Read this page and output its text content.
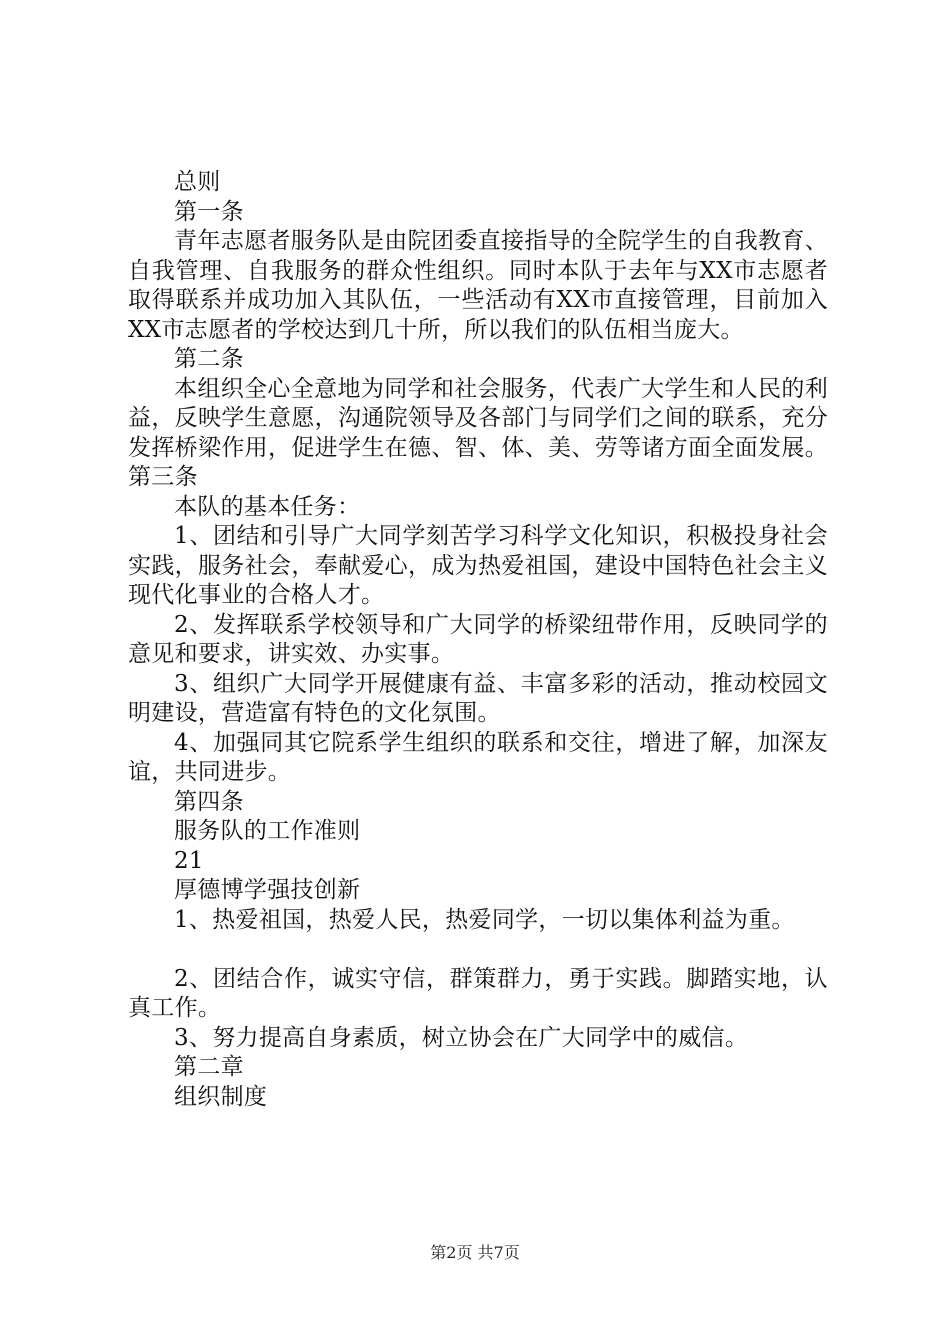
总则

第一条

青年志愿者服务队是由院团委直接指导的全院学生的自我教育、自我管理、自我服务的群众性组织。同时本队于去年与XX市志愿者取得联系并成功加入其队伍，一些活动有XX市直接管理，目前加入XX市志愿者的学校达到几十所，所以我们的队伍相当庞大。

第二条

本组织全心全意地为同学和社会服务，代表广大学生和人民的利益，反映学生意愿，沟通院领导及各部门与同学们之间的联系，充分发挥桥梁作用，促进学生在德、智、体、美、劳等诸方面全面发展。第三条

本队的基本任务：

1、团结和引导广大同学刻苦学习科学文化知识，积极投身社会实践，服务社会，奉献爱心，成为热爱祖国，建设中国特色社会主义现代化事业的合格人才。

2、发挥联系学校领导和广大同学的桥梁纽带作用，反映同学的意见和要求，讲实效、办实事。

3、组织广大同学开展健康有益、丰富多彩的活动，推动校园文明建设，营造富有特色的文化氛围。

4、加强同其它院系学生组织的联系和交往，增进了解，加深友谊，共同进步。

第四条

服务队的工作准则

21

厚德博学强技创新

1、热爱祖国，热爱人民，热爱同学，一切以集体利益为重。

2、团结合作，诚实守信，群策群力，勇于实践。脚踏实地，认真工作。

3、努力提高自身素质，树立协会在广大同学中的威信。

第二章

组织制度

第2页 共7页
